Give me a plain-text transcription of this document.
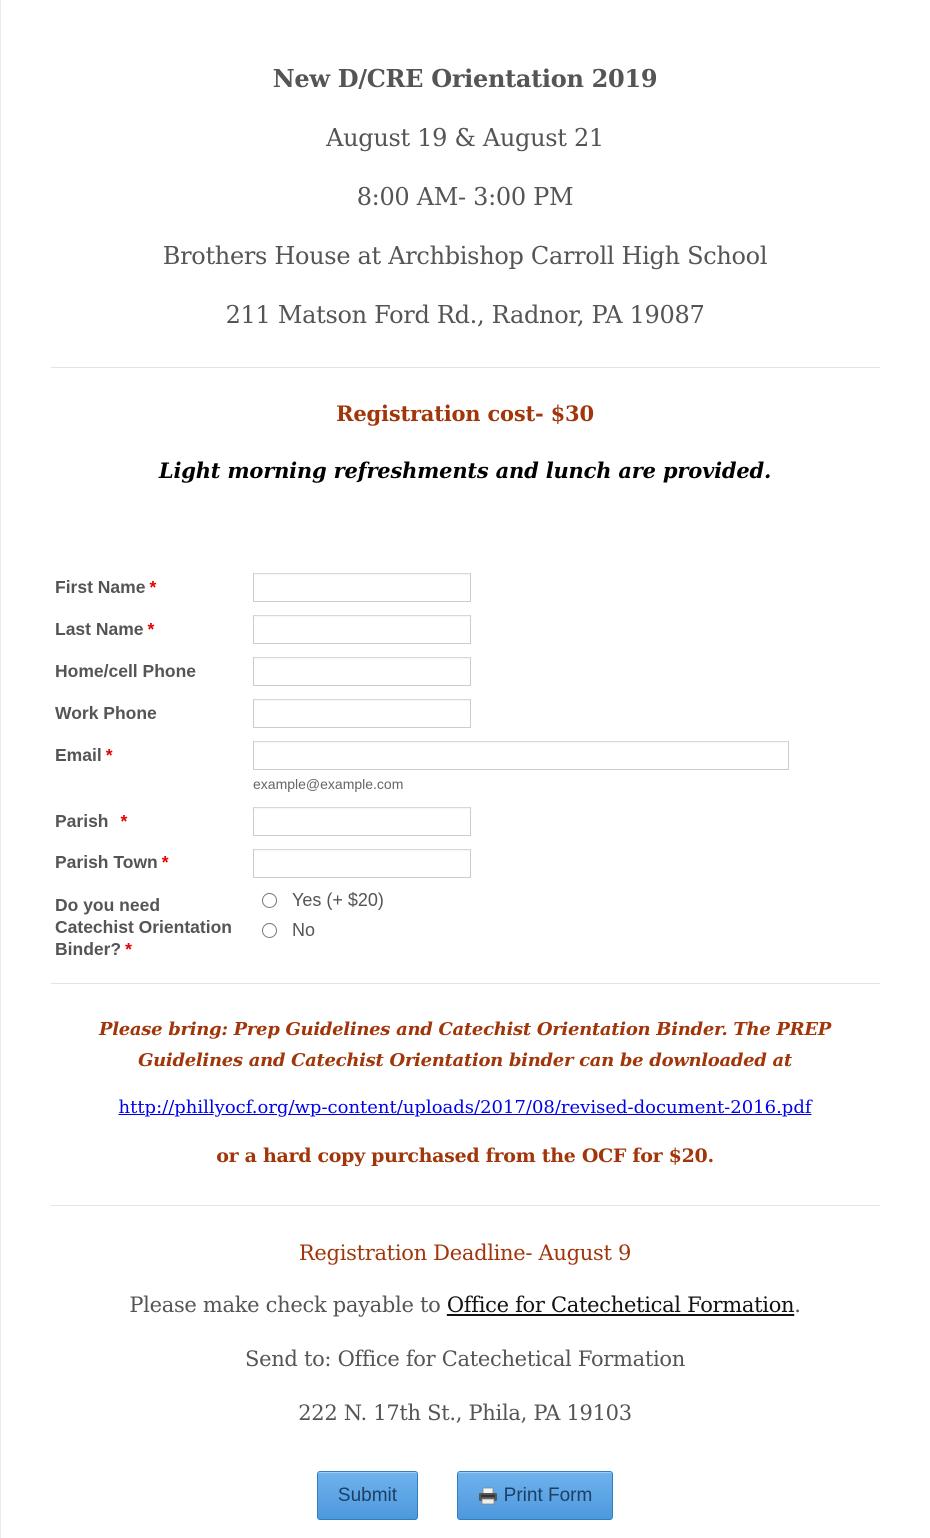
New D/CRE Orientation 2019
August 19 & August 21
8:00 AM- 3:00 PM
Brothers House at Archbishop Carroll High School
211 Matson Ford Rd., Radnor, PA 19087
Registration cost- $30
Light morning refreshments and lunch are provided.
First Name *
Last Name *
Home/cell Phone
Work Phone
Email *
example@example.com
Parish *
Parish Town *
Do you need
Catechist Orientation
Binder? *
Yes (+ $20)
No
Please bring: Prep Guidelines and Catechist Orientation Binder. The PREP Guidelines and Catechist Orientation binder can be downloaded at
http://phillyocf.org/wp-content/uploads/2017/08/revised-document-2016.pdf
or a hard copy purchased from the OCF for $20.
Registration Deadline- August 9
Please make check payable to Office for Catechetical Formation.
Send to: Office for Catechetical Formation
222 N. 17th St., Phila, PA 19103
Submit	Print Form
